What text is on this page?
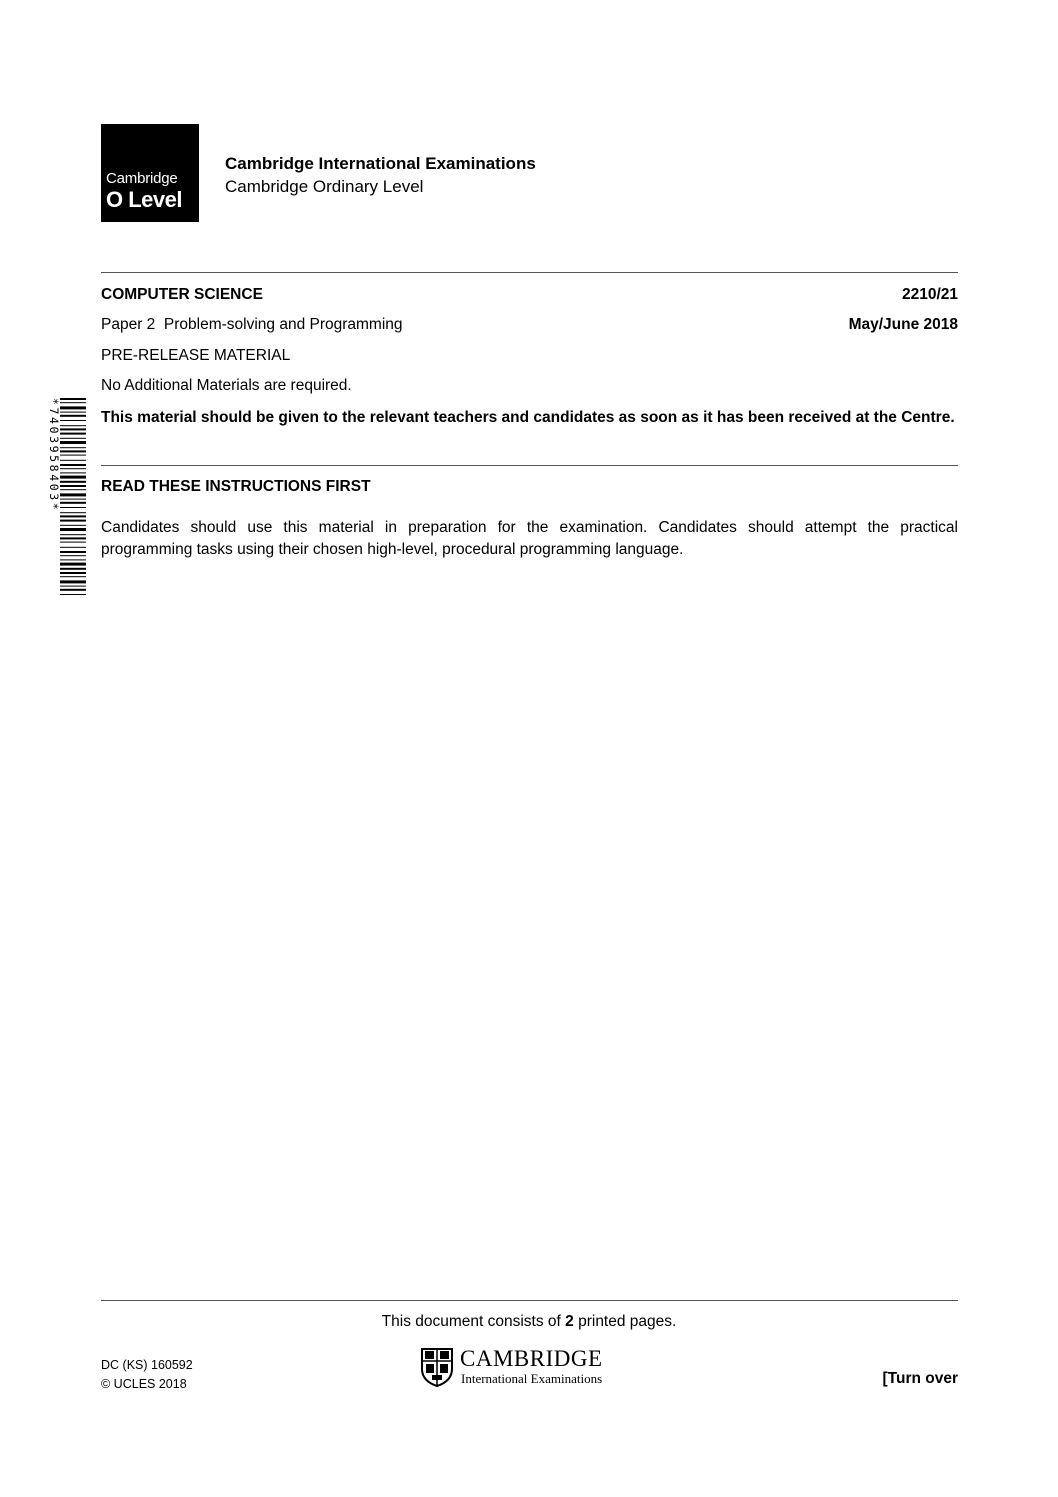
Cambridge
O Level
Cambridge International Examinations
Cambridge Ordinary Level
COMPUTER SCIENCE	2210/21
Paper 2  Problem-solving and Programming	May/June 2018
PRE-RELEASE MATERIAL
No Additional Materials are required.
This material should be given to the relevant teachers and candidates as soon as it has been received at the Centre.
READ THESE INSTRUCTIONS FIRST
Candidates should use this material in preparation for the examination. Candidates should attempt the practical programming tasks using their chosen high-level, procedural programming language.
*7403958403*
This document consists of 2 printed pages.
DC (KS) 160592
© UCLES 2018
CAMBRIDGE
International Examinations	[Turn over
